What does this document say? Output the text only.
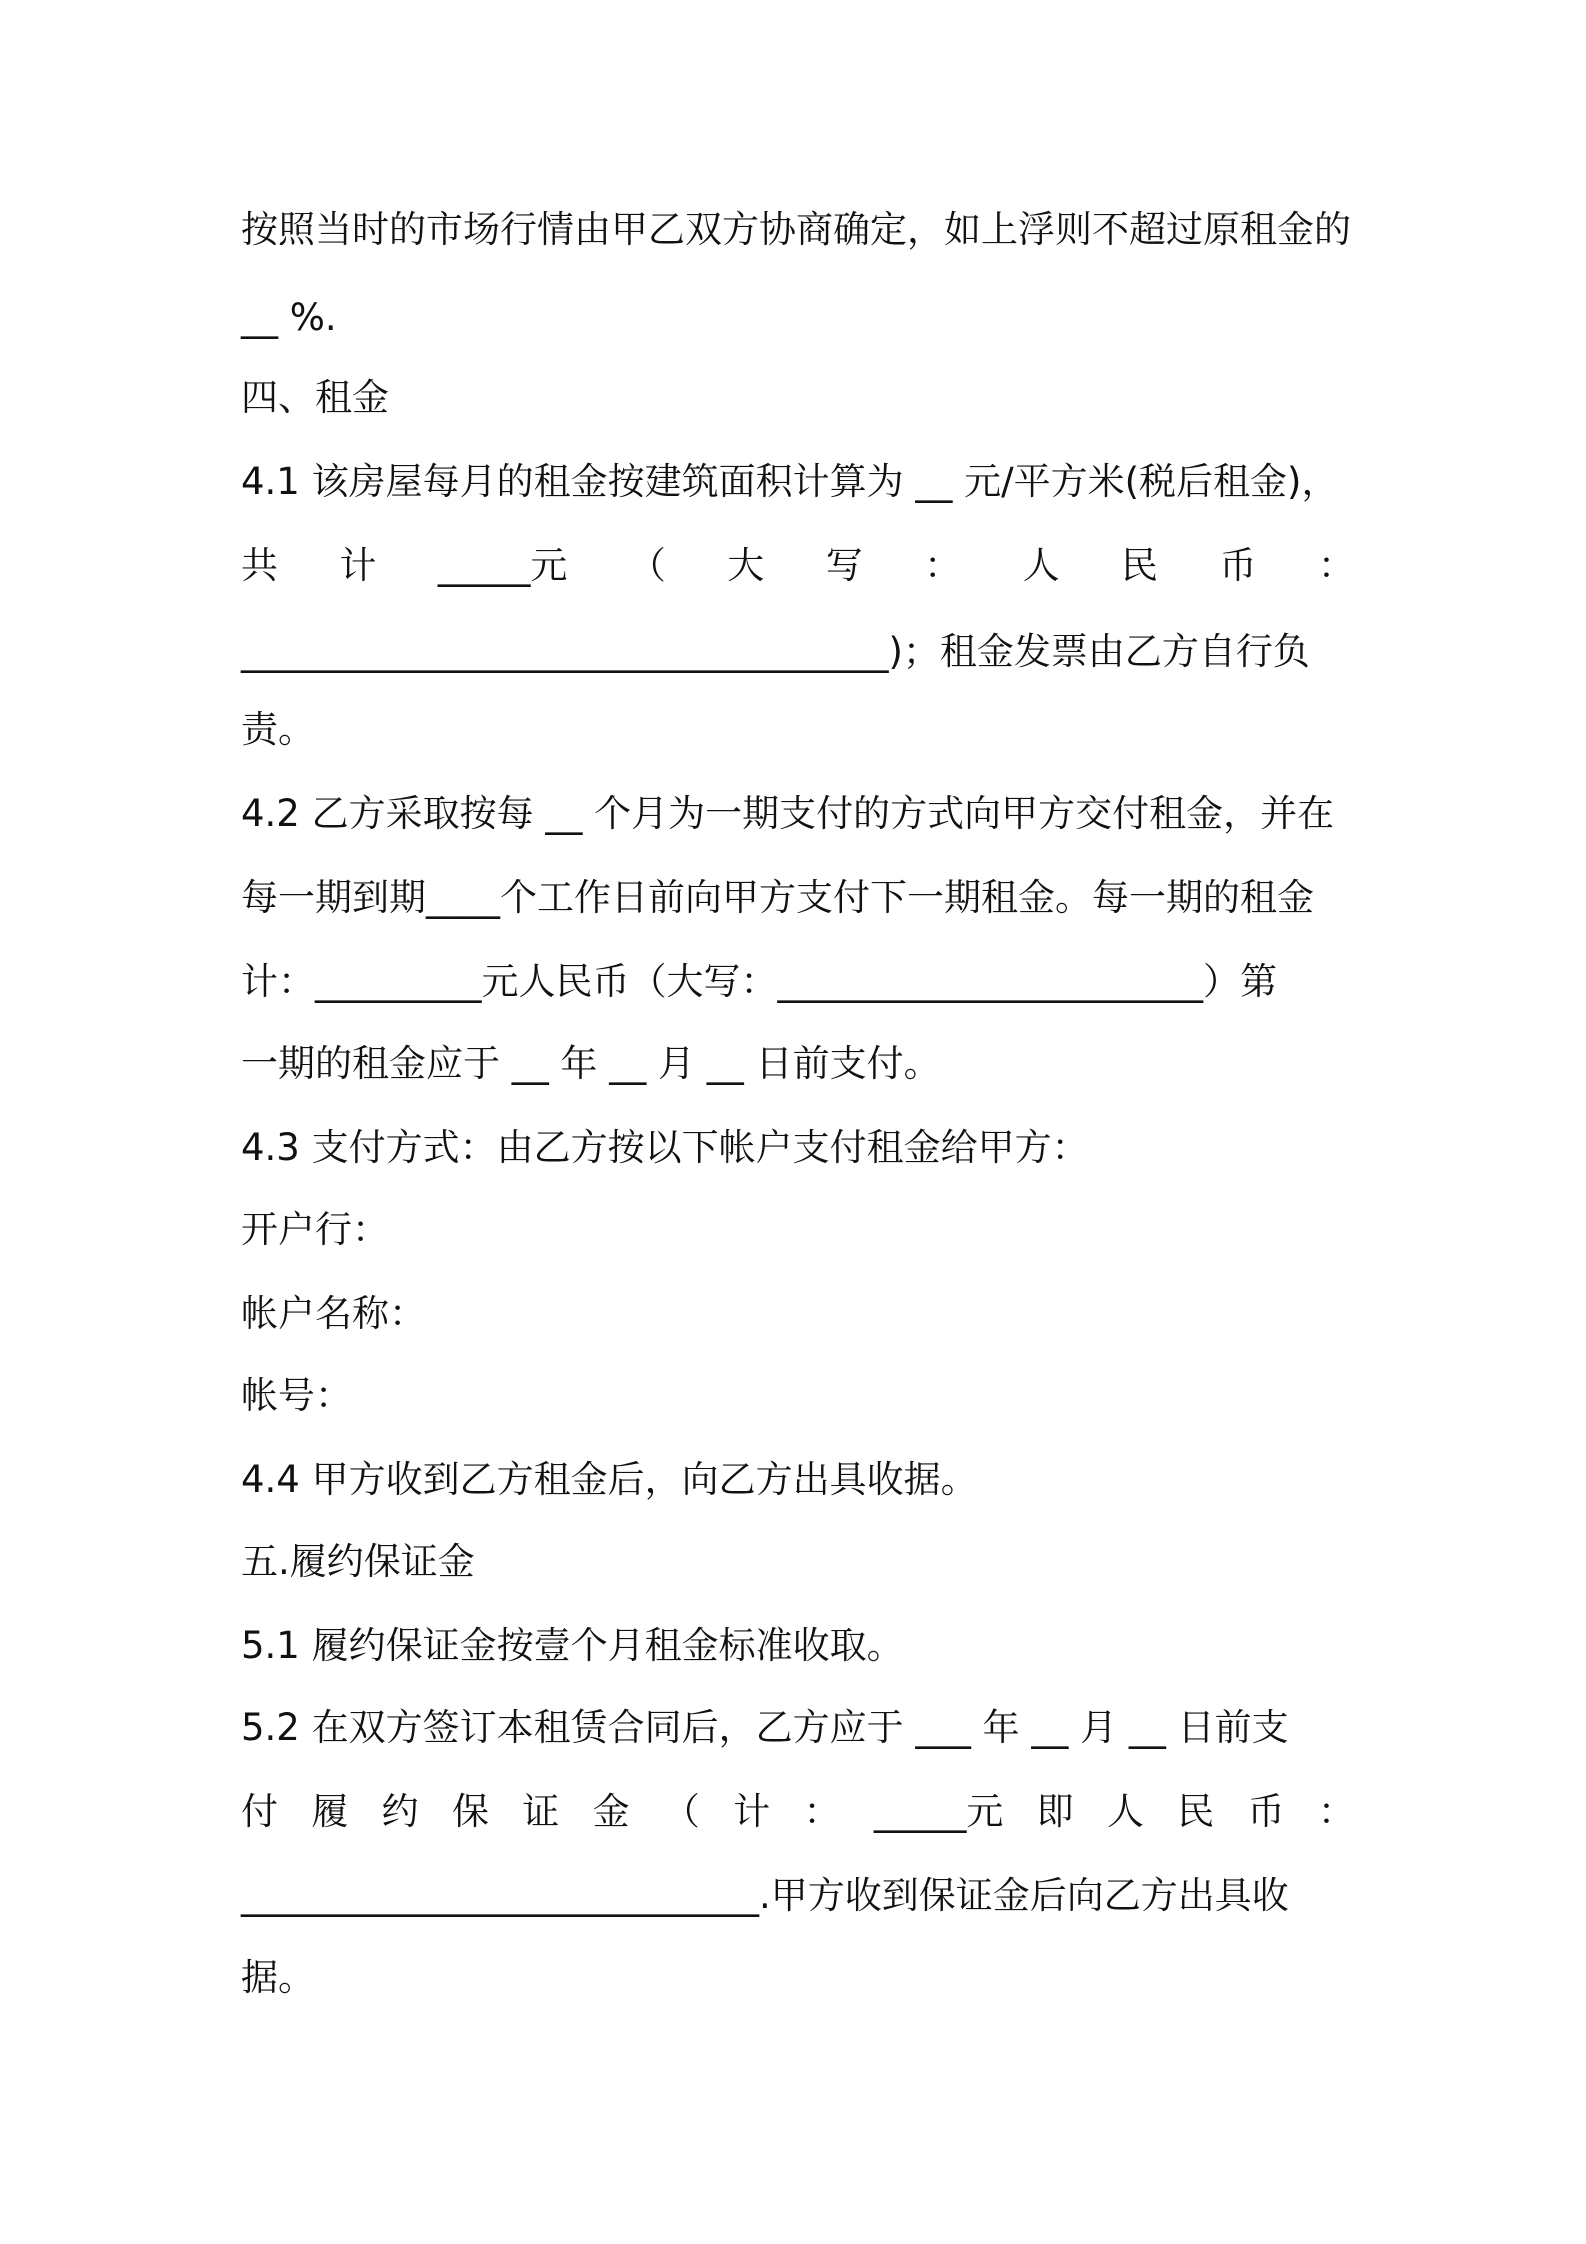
按照当时的市场行情由甲乙双方协商确定，如上浮则不超过原租金的
__ %.
四、租金
4.1 该房屋每月的租金按建筑面积计算为 __ 元/平方米(税后租金)，
共 计 _____元 （ 大 写 ： 人 民 币 ：
___________________________________)；租金发票由乙方自行负
责。
4.2 乙方采取按每 __ 个月为一期支付的方式向甲方交付租金，并在
每一期到期____个工作日前向甲方支付下一期租金。每一期的租金
计：_________元人民币（大写：_______________________）第
一期的租金应于 __ 年 __ 月 __ 日前支付。
4.3 支付方式：由乙方按以下帐户支付租金给甲方：
开户行：
帐户名称：
帐号：
4.4 甲方收到乙方租金后，向乙方出具收据。
五.履约保证金
5.1 履约保证金按壹个月租金标准收取。
5.2 在双方签订本租赁合同后，乙方应于 ___ 年 __ 月 __ 日前支
付 履 约 保 证 金 （ 计 ： _____元 即 人 民 币 ：
____________________________.甲方收到保证金后向乙方出具收
据。
